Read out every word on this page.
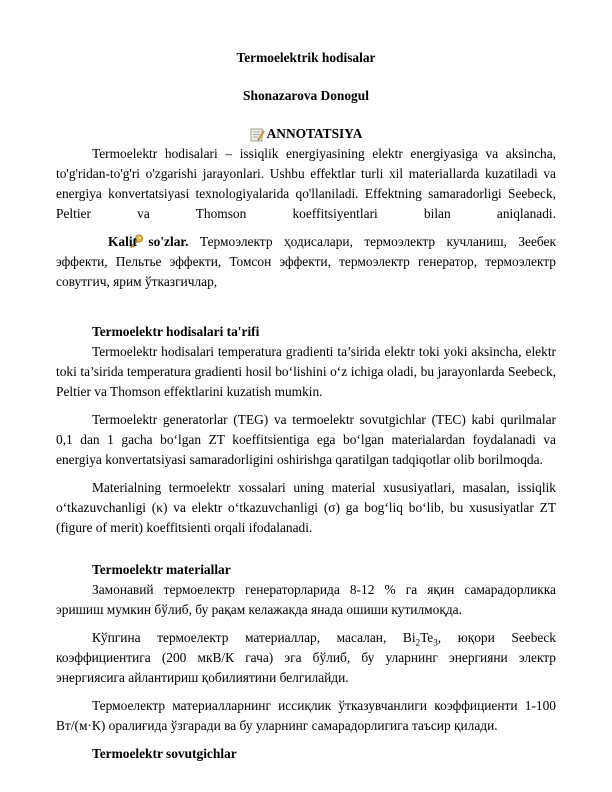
Termoelektrik hodisalar

Shonazarova Donogul

ANNOTATSIYA

Termoelektr hodisalari – issiqlik energiyasining elektr energiyasiga va aksincha, to'g'ridan-to'g'ri o'zgarishi jarayonlari. Ushbu effektlar turli xil materiallarda kuzatiladi va energiya konvertatsiyasi texnologiyalarida qo'llaniladi. Effektning samaradorligi Seebeck, Peltier va Thomson koeffitsiyentlari bilan aniqlanadi.

Kalit so'zlar. Термоэлектр ҳодисалари, термоэлектр кучланиш, Зеебек эффекти, Пельтье эффекти, Томсон эффекти, термоэлектр генератор, термоэлектр совутгич, ярим ўтказгичлар,

Termoelektr hodisalari ta'rifi

Termoelektr hodisalari temperatura gradienti ta’sirida elektr toki yoki aksincha, elektr toki ta’sirida temperatura gradienti hosil boʻlishini oʻz ichiga oladi, bu jarayonlarda Seebeck, Peltier va Thomson effektlarini kuzatish mumkin.

Termoelektr generatorlar (TEG) va termoelektr sovutgichlar (TEC) kabi qurilmalar 0,1 dan 1 gacha boʻlgan ZT koeffitsientiga ega boʻlgan materialardan foydalanadi va energiya konvertatsiyasi samaradorligini oshirishga qaratilgan tadqiqotlar olib borilmoqda.

Materialning termoelektr xossalari uning material xususiyatlari, masalan, issiqlik oʻtkazuvchanligi (κ) va elektr oʻtkazuvchanligi (σ) ga bogʻliq boʻlib, bu xususiyatlar ZT (figure of merit) koeffitsienti orqali ifodalanadi.

Termoelektr materiallar

Замонавий термоелектр генераторларида 8-12 % га яқин самарадорликка эришиш мумкин бўлиб, бу рақам келажакда янада ошиши кутилмоқда.

Кўпгина термоелектр материаллар, масалан, $Bi_2Te_3$, юқори Seebeck коэффициентига (200 мкВ/К гача) эга бўлиб, бу уларнинг энергияни электр энергиясига айлантириш қобилиятини белгилайди.

Термоелектр материалларнинг иссиқлик ўтказувчанлиги коэффициенти 1-100 Вт/(м·К) оралиғида ўзгаради ва бу уларнинг самарадорлигига таъсир қилади.

Termoelektr sovutgichlar
